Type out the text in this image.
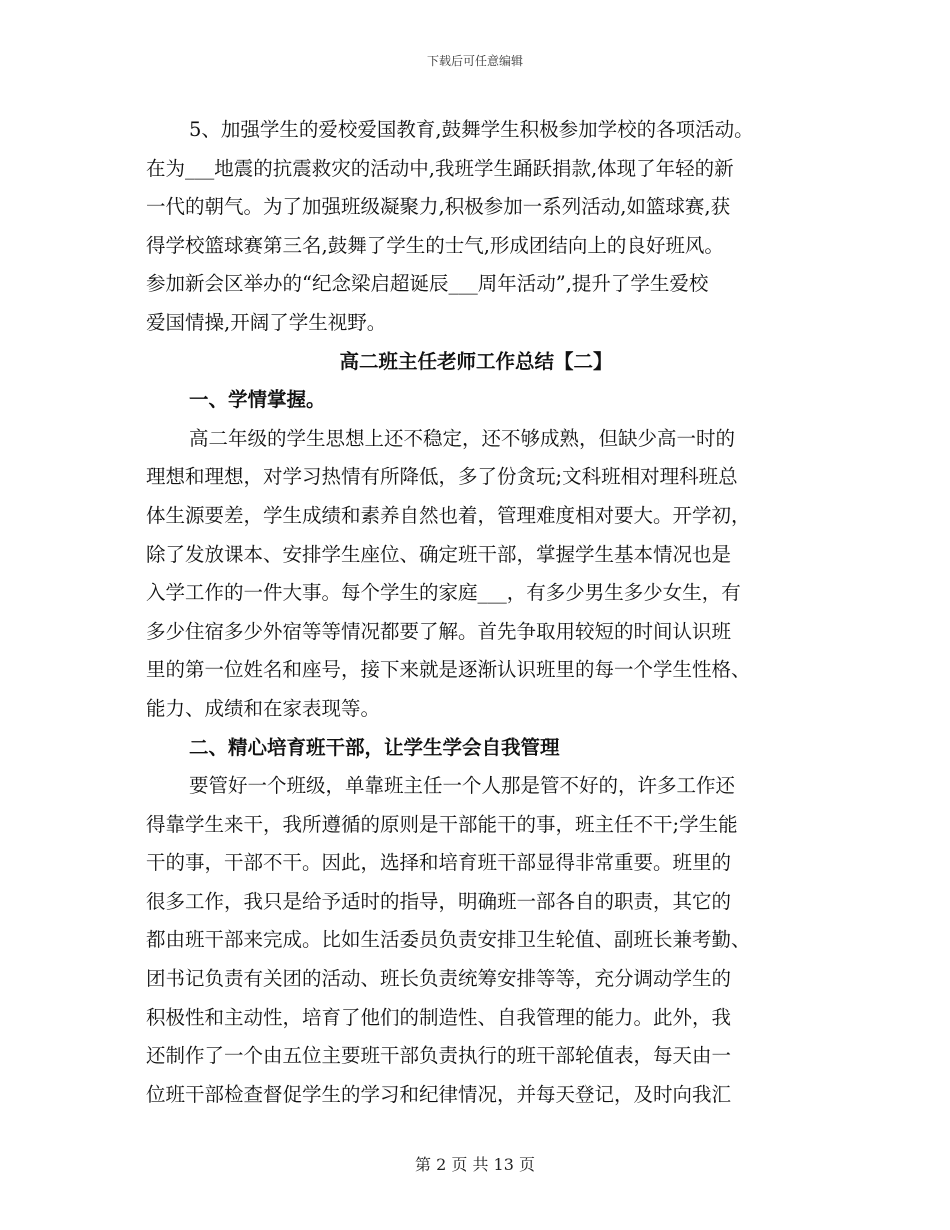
下载后可任意编辑
5、加强学生的爱校爱国教育,鼓舞学生积极参加学校的各项活动。
在为___地震的抗震救灾的活动中,我班学生踊跃捐款,体现了年轻的新
一代的朝气。为了加强班级凝聚力,积极参加一系列活动,如篮球赛,获
得学校篮球赛第三名,鼓舞了学生的士气,形成团结向上的良好班风。
参加新会区举办的“纪念梁启超诞辰___周年活动”,提升了学生爱校
爱国情操,开阔了学生视野。
高二班主任老师工作总结【二】
一、学情掌握。
高二年级的学生思想上还不稳定，还不够成熟，但缺少高一时的
理想和理想，对学习热情有所降低，多了份贪玩;文科班相对理科班总
体生源要差，学生成绩和素养自然也着，管理难度相对要大。开学初，
除了发放课本、安排学生座位、确定班干部，掌握学生基本情况也是
入学工作的一件大事。每个学生的家庭___，有多少男生多少女生，有
多少住宿多少外宿等等情况都要了解。首先争取用较短的时间认识班
里的第一位姓名和座号，接下来就是逐渐认识班里的每一个学生性格、
能力、成绩和在家表现等。
二、精心培育班干部，让学生学会自我管理
要管好一个班级，单靠班主任一个人那是管不好的，许多工作还
得靠学生来干，我所遵循的原则是干部能干的事，班主任不干;学生能
干的事，干部不干。因此，选择和培育班干部显得非常重要。班里的
很多工作，我只是给予适时的指导，明确班一部各自的职责，其它的
都由班干部来完成。比如生活委员负责安排卫生轮值、副班长兼考勤、
团书记负责有关团的活动、班长负责统筹安排等等，充分调动学生的
积极性和主动性，培育了他们的制造性、自我管理的能力。此外，我
还制作了一个由五位主要班干部负责执行的班干部轮值表，每天由一
位班干部检查督促学生的学习和纪律情况，并每天登记，及时向我汇
第 2 页 共 13 页
